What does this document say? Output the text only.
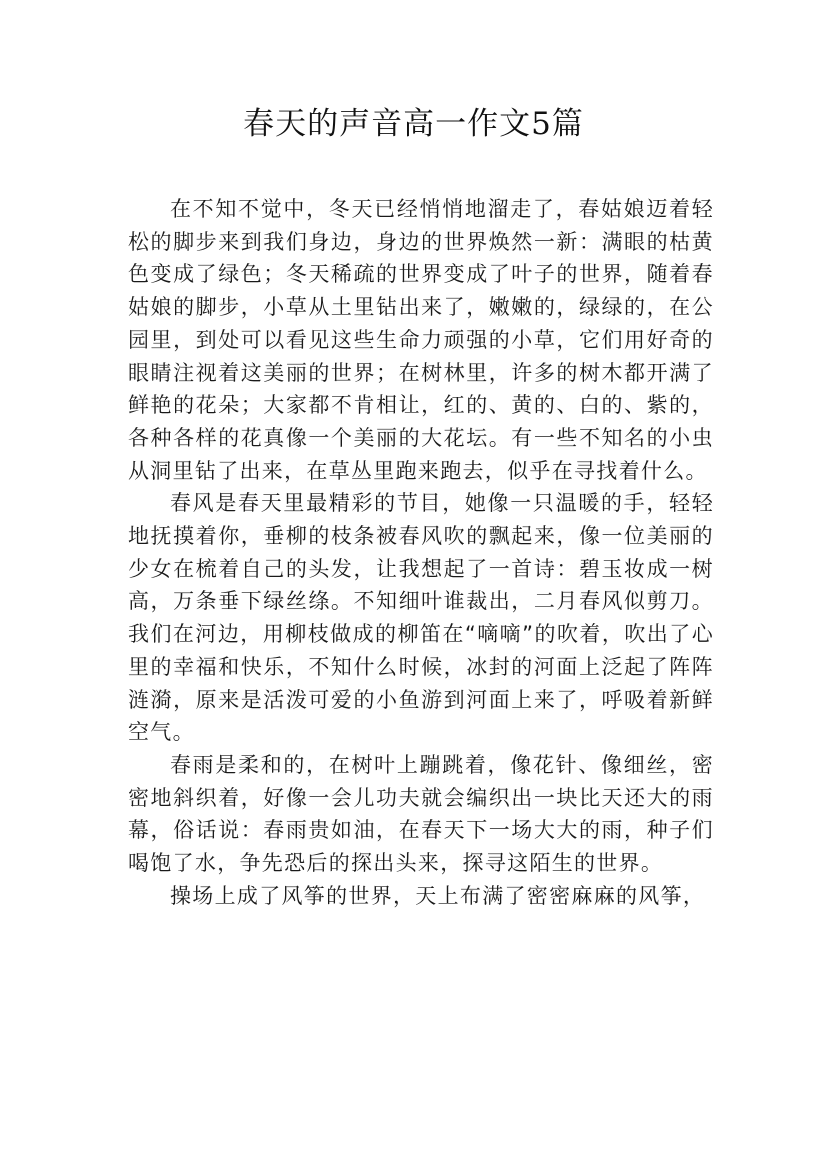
春天的声音高一作文5篇

在不知不觉中，冬天已经悄悄地溜走了，春姑娘迈着轻松的脚步来到我们身边，身边的世界焕然一新：满眼的枯黄色变成了绿色；冬天稀疏的世界变成了叶子的世界，随着春姑娘的脚步，小草从土里钻出来了，嫩嫩的，绿绿的，在公园里，到处可以看见这些生命力顽强的小草，它们用好奇的眼睛注视着这美丽的世界；在树林里，许多的树木都开满了鲜艳的花朵；大家都不肯相让，红的、黄的、白的、紫的，各种各样的花真像一个美丽的大花坛。有一些不知名的小虫从洞里钻了出来，在草丛里跑来跑去，似乎在寻找着什么。

春风是春天里最精彩的节目，她像一只温暖的手，轻轻地抚摸着你，垂柳的枝条被春风吹的飘起来，像一位美丽的少女在梳着自己的头发，让我想起了一首诗：碧玉妆成一树高，万条垂下绿丝绦。不知细叶谁裁出，二月春风似剪刀。我们在河边，用柳枝做成的柳笛在“嘀嘀”的吹着，吹出了心里的幸福和快乐，不知什么时候，冰封的河面上泛起了阵阵涟漪，原来是活泼可爱的小鱼游到河面上来了，呼吸着新鲜空气。

春雨是柔和的，在树叶上蹦跳着，像花针、像细丝，密密地斜织着，好像一会儿功夫就会编织出一块比天还大的雨幕，俗话说：春雨贵如油，在春天下一场大大的雨，种子们喝饱了水，争先恐后的探出头来，探寻这陌生的世界。

操场上成了风筝的世界，天上布满了密密麻麻的风筝，
